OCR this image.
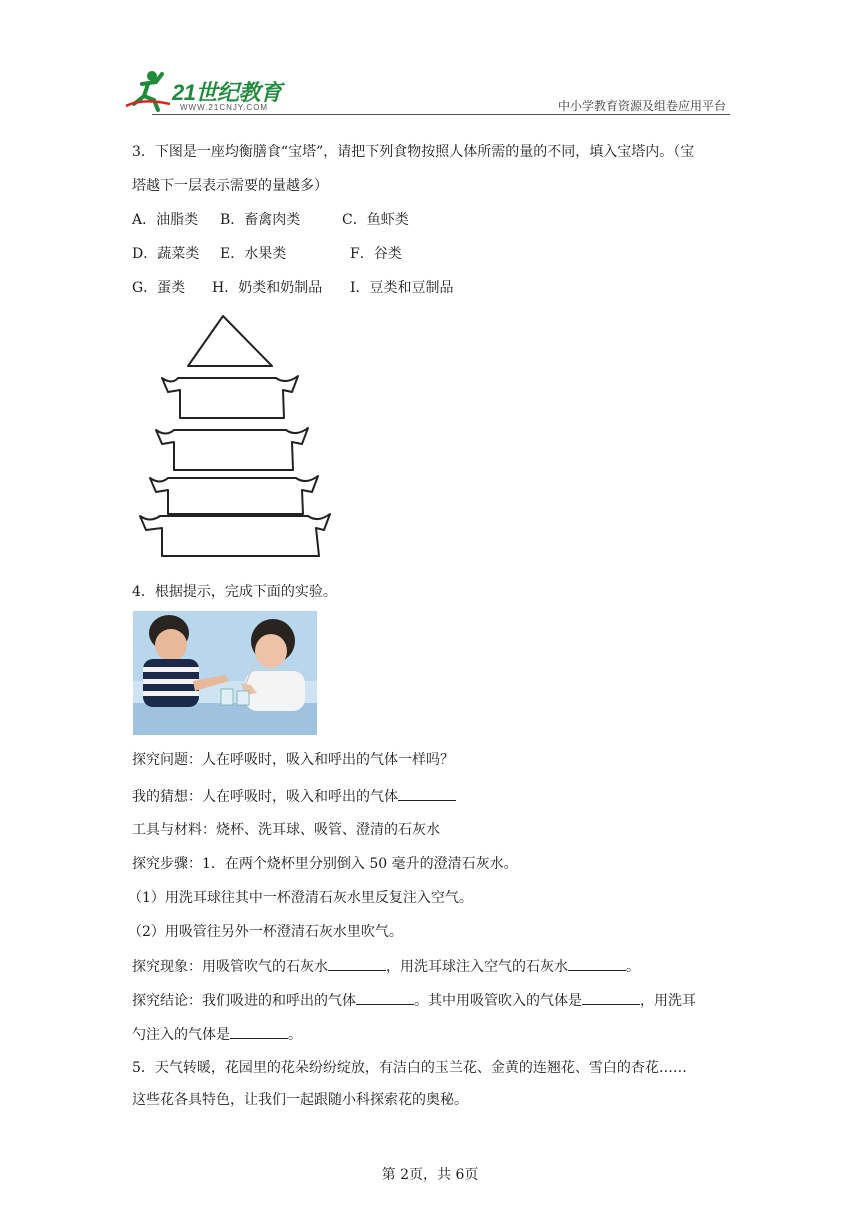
21世纪教育
WWW.21CNJY.COM	中小学教育资源及组卷应用平台
3．下图是一座均衡膳食“宝塔”，请把下列食物按照人体所需的量的不同，填入宝塔内。（宝
塔越下一层表示需要的量越多）
A．油脂类 B．畜禽肉类	C．鱼虾类
D．蔬菜类 E．水果类	F．谷类
G．蛋类 H．奶类和奶制品 I．豆类和豆制品
4．根据提示，完成下面的实验。
探究问题：人在呼吸时，吸入和呼出的气体一样吗？
我的猜想：人在呼吸时，吸入和呼出的气体
工具与材料：烧杯、洗耳球、吸管、澄清的石灰水
探究步骤：1．在两个烧杯里分别倒入 50 毫升的澄清石灰水。
（1）用洗耳球往其中一杯澄清石灰水里反复注入空气。
（2）用吸管往另外一杯澄清石灰水里吹气。
探究现象：用吸管吹气的石灰水	，用洗耳球注入空气的石灰水	。
探究结论：我们吸进的和呼出的气体	。其中用吸管吹入的气体是	，用洗耳
勺注入的气体是	。
5．天气转暖，花园里的花朵纷纷绽放，有洁白的玉兰花、金黄的连翘花、雪白的杏花……
这些花各具特色，让我们一起跟随小科探索花的奥秘。
第 2页，共 6页
